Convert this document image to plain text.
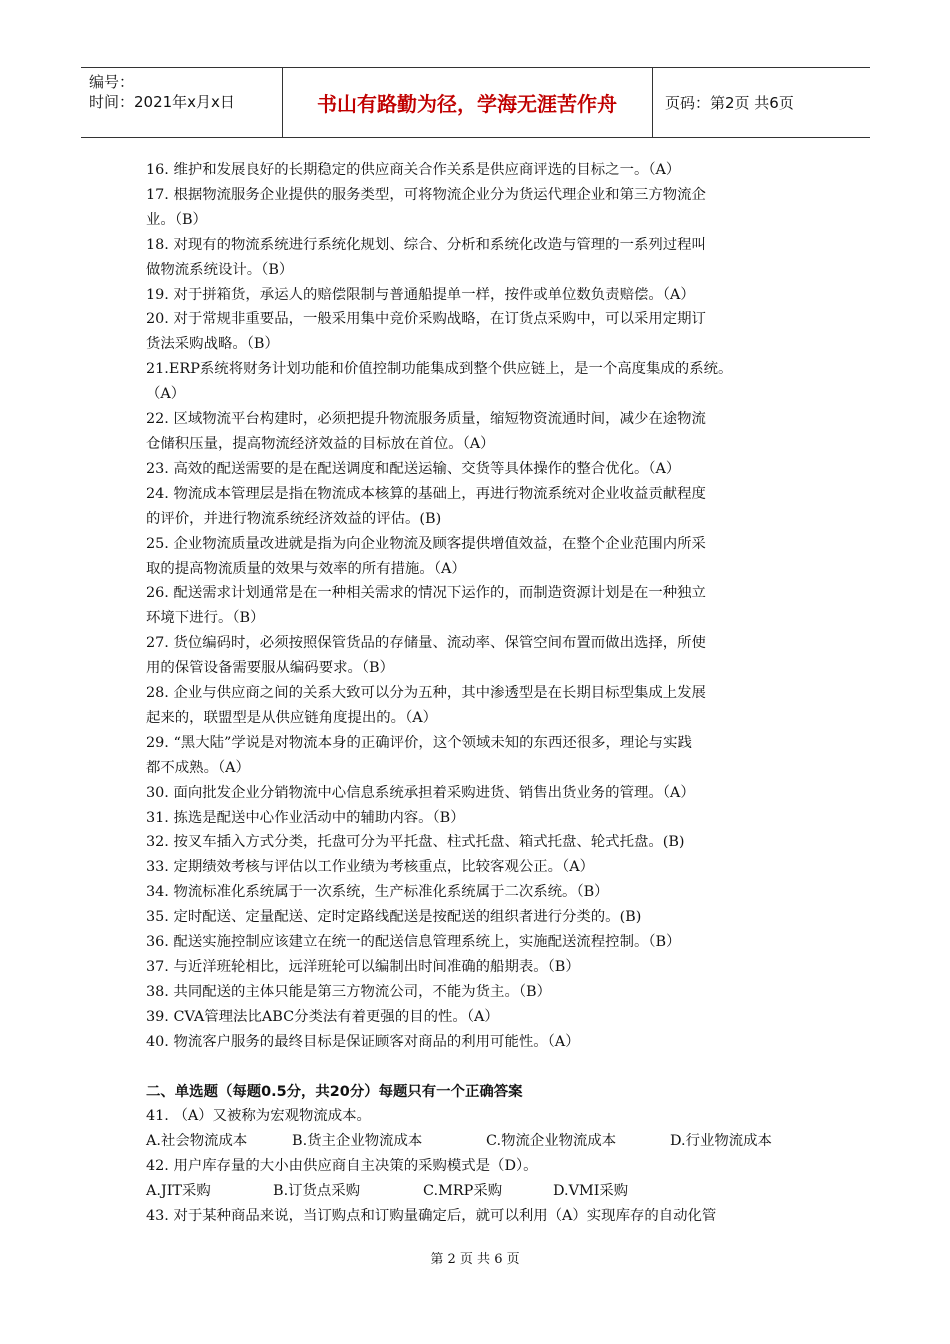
编号：
时间：2021年x月x日	书山有路勤为径，学海无涯苦作舟	页码：第2页 共6页

16. 维护和发展良好的长期稳定的供应商关合作关系是供应商评选的目标之一。（A）

17. 根据物流服务企业提供的服务类型，可将物流企业分为货运代理企业和第三方物流企

业。（B）

18. 对现有的物流系统进行系统化规划、综合、分析和系统化改造与管理的一系列过程叫

做物流系统设计。（B）

19. 对于拼箱货，承运人的赔偿限制与普通船提单一样，按件或单位数负责赔偿。（A）

20. 对于常规非重要品，一般采用集中竞价采购战略，在订货点采购中，可以采用定期订

货法采购战略。（B）

21.ERP系统将财务计划功能和价值控制功能集成到整个供应链上，是一个高度集成的系统。

（A）

22. 区域物流平台构建时，必须把提升物流服务质量，缩短物资流通时间，减少在途物流

仓储积压量，提高物流经济效益的目标放在首位。（A）

23. 高效的配送需要的是在配送调度和配送运输、交货等具体操作的整合优化。（A）

24. 物流成本管理层是指在物流成本核算的基础上，再进行物流系统对企业收益贡献程度

的评价，并进行物流系统经济效益的评估。(B)

25. 企业物流质量改进就是指为向企业物流及顾客提供增值效益，在整个企业范围内所采

取的提高物流质量的效果与效率的所有措施。（A）

26. 配送需求计划通常是在一种相关需求的情况下运作的，而制造资源计划是在一种独立

环境下进行。（B）

27. 货位编码时，必须按照保管货品的存储量、流动率、保管空间布置而做出选择，所使

用的保管设备需要服从编码要求。（B）

28. 企业与供应商之间的关系大致可以分为五种，其中渗透型是在长期目标型集成上发展

起来的，联盟型是从供应链角度提出的。（A）

29. “黑大陆”学说是对物流本身的正确评价，这个领域未知的东西还很多，理论与实践

都不成熟。（A）

30. 面向批发企业分销物流中心信息系统承担着采购进货、销售出货业务的管理。（A）

31. 拣选是配送中心作业活动中的辅助内容。（B）

32. 按叉车插入方式分类，托盘可分为平托盘、柱式托盘、箱式托盘、轮式托盘。(B)

33. 定期绩效考核与评估以工作业绩为考核重点，比较客观公正。（A）

34. 物流标准化系统属于一次系统，生产标准化系统属于二次系统。（B）

35. 定时配送、定量配送、定时定路线配送是按配送的组织者进行分类的。(B)

36. 配送实施控制应该建立在统一的配送信息管理系统上，实施配送流程控制。（B）

37. 与近洋班轮相比，远洋班轮可以编制出时间准确的船期表。（B）

38. 共同配送的主体只能是第三方物流公司，不能为货主。（B）

39. CVA管理法比ABC分类法有着更强的目的性。（A）

40. 物流客户服务的最终目标是保证顾客对商品的利用可能性。（A）

二、单选题（每题0.5分，共20分）每题只有一个正确答案

41. （A）又被称为宏观物流成本。

A.社会物流成本	B.货主企业物流成本	C.物流企业物流成本	D.行业物流成本

42. 用户库存量的大小由供应商自主决策的采购模式是（D）。

A.JIT采购	B.订货点采购	C.MRP采购	D.VMI采购

43. 对于某种商品来说，当订购点和订购量确定后，就可以利用（A）实现库存的自动化管

第 2 页 共 6 页
